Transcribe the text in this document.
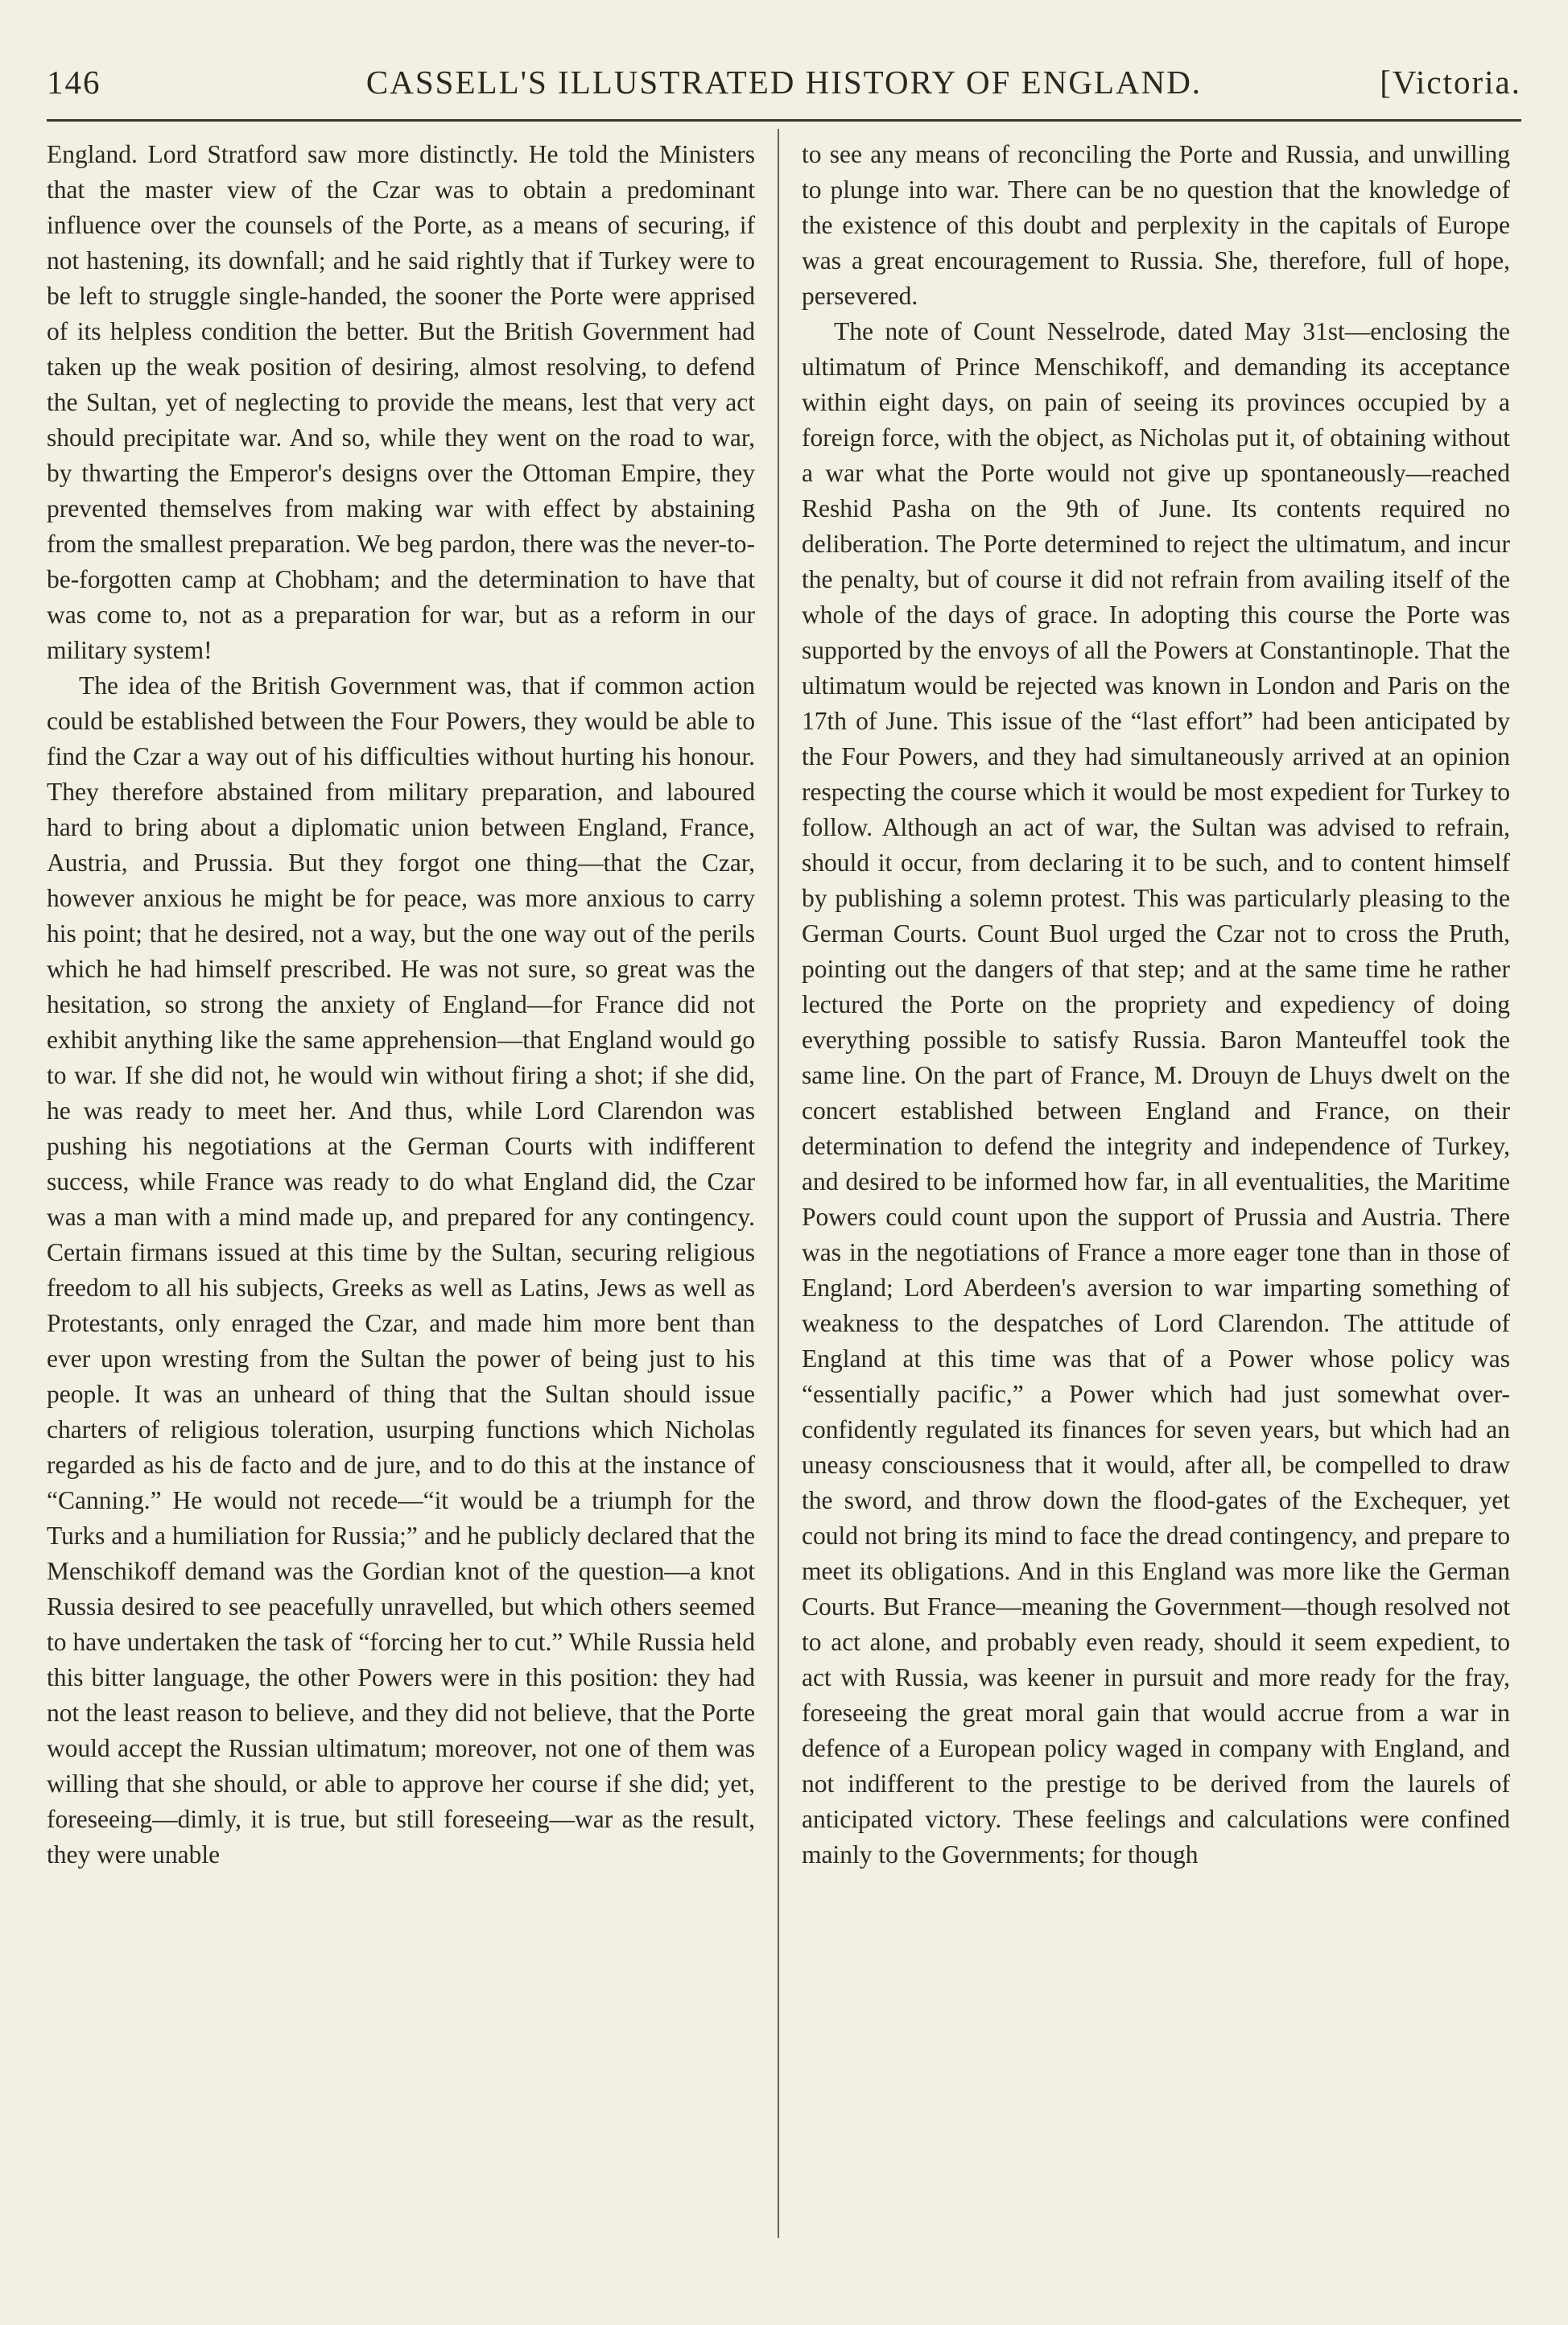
146	CASSELL'S ILLUSTRATED HISTORY OF ENGLAND.	[Victoria.

England. Lord Stratford saw more distinctly. He told the Ministers that the master view of the Czar was to obtain a predominant influence over the counsels of the Porte, as a means of securing, if not hastening, its downfall; and he said rightly that if Turkey were to be left to struggle single-handed, the sooner the Porte were apprised of its helpless condition the better. But the British Government had taken up the weak position of desiring, almost resolving, to defend the Sultan, yet of neglecting to provide the means, lest that very act should precipitate war. And so, while they went on the road to war, by thwarting the Emperor's designs over the Ottoman Empire, they prevented themselves from making war with effect by abstaining from the smallest preparation. We beg pardon, there was the never-to-be-forgotten camp at Chobham; and the determination to have that was come to, not as a preparation for war, but as a reform in our military system!

The idea of the British Government was, that if common action could be established between the Four Powers, they would be able to find the Czar a way out of his difficulties without hurting his honour. They therefore abstained from military preparation, and laboured hard to bring about a diplomatic union between England, France, Austria, and Prussia. But they forgot one thing—that the Czar, however anxious he might be for peace, was more anxious to carry his point; that he desired, not a way, but the one way out of the perils which he had himself prescribed. He was not sure, so great was the hesitation, so strong the anxiety of England—for France did not exhibit anything like the same apprehension—that England would go to war. If she did not, he would win without firing a shot; if she did, he was ready to meet her. And thus, while Lord Clarendon was pushing his negotiations at the German Courts with indifferent success, while France was ready to do what England did, the Czar was a man with a mind made up, and prepared for any contingency. Certain firmans issued at this time by the Sultan, securing religious freedom to all his subjects, Greeks as well as Latins, Jews as well as Protestants, only enraged the Czar, and made him more bent than ever upon wresting from the Sultan the power of being just to his people. It was an unheard of thing that the Sultan should issue charters of religious toleration, usurping functions which Nicholas regarded as his de facto and de jure, and to do this at the instance of “Canning.” He would not recede—“it would be a triumph for the Turks and a humiliation for Russia;” and he publicly declared that the Menschikoff demand was the Gordian knot of the question—a knot Russia desired to see peacefully unravelled, but which others seemed to have undertaken the task of “forcing her to cut.” While Russia held this bitter language, the other Powers were in this position: they had not the least reason to believe, and they did not believe, that the Porte would accept the Russian ultimatum; moreover, not one of them was willing that she should, or able to approve her course if she did; yet, foreseeing—dimly, it is true, but still foreseeing—war as the result, they were unable

to see any means of reconciling the Porte and Russia, and unwilling to plunge into war. There can be no question that the knowledge of the existence of this doubt and perplexity in the capitals of Europe was a great encouragement to Russia. She, therefore, full of hope, persevered.

The note of Count Nesselrode, dated May 31st—enclosing the ultimatum of Prince Menschikoff, and demanding its acceptance within eight days, on pain of seeing its provinces occupied by a foreign force, with the object, as Nicholas put it, of obtaining without a war what the Porte would not give up spontaneously—reached Reshid Pasha on the 9th of June. Its contents required no deliberation. The Porte determined to reject the ultimatum, and incur the penalty, but of course it did not refrain from availing itself of the whole of the days of grace. In adopting this course the Porte was supported by the envoys of all the Powers at Constantinople. That the ultimatum would be rejected was known in London and Paris on the 17th of June. This issue of the “last effort” had been anticipated by the Four Powers, and they had simultaneously arrived at an opinion respecting the course which it would be most expedient for Turkey to follow. Although an act of war, the Sultan was advised to refrain, should it occur, from declaring it to be such, and to content himself by publishing a solemn protest. This was particularly pleasing to the German Courts. Count Buol urged the Czar not to cross the Pruth, pointing out the dangers of that step; and at the same time he rather lectured the Porte on the propriety and expediency of doing everything possible to satisfy Russia. Baron Manteuffel took the same line. On the part of France, M. Drouyn de Lhuys dwelt on the concert established between England and France, on their determination to defend the integrity and independence of Turkey, and desired to be informed how far, in all eventualities, the Maritime Powers could count upon the support of Prussia and Austria. There was in the negotiations of France a more eager tone than in those of England; Lord Aberdeen's aversion to war imparting something of weakness to the despatches of Lord Clarendon. The attitude of England at this time was that of a Power whose policy was “essentially pacific,” a Power which had just somewhat over-confidently regulated its finances for seven years, but which had an uneasy consciousness that it would, after all, be compelled to draw the sword, and throw down the flood-gates of the Exchequer, yet could not bring its mind to face the dread contingency, and prepare to meet its obligations. And in this England was more like the German Courts. But France—meaning the Government—though resolved not to act alone, and probably even ready, should it seem expedient, to act with Russia, was keener in pursuit and more ready for the fray, foreseeing the great moral gain that would accrue from a war in defence of a European policy waged in company with England, and not indifferent to the prestige to be derived from the laurels of anticipated victory. These feelings and calculations were confined mainly to the Governments; for though
